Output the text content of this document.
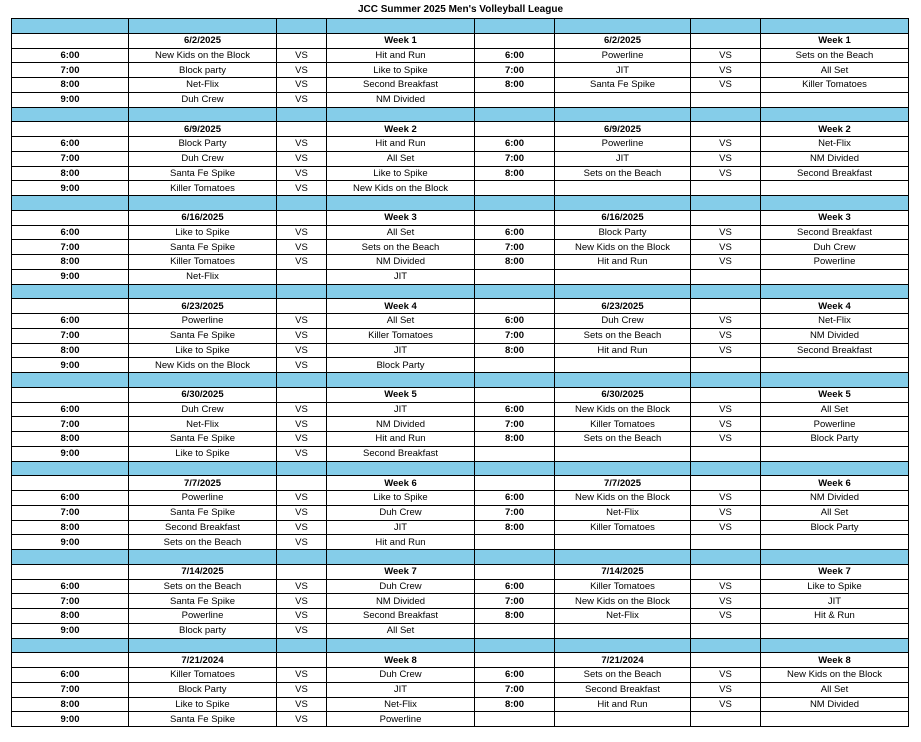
JCC Summer 2025 Men's Volleyball League

	6/2/2025		Week 1		6/2/2025		Week 1
6:00	New Kids on the Block	VS	Hit and Run	6:00	Powerline	VS	Sets on the Beach
7:00	Block party	VS	Like to Spike	7:00	JIT	VS	All Set
8:00	Net-Flix	VS	Second Breakfast	8:00	Santa Fe Spike	VS	Killer Tomatoes
9:00	Duh Crew	VS	NM Divided				

	6/9/2025		Week 2		6/9/2025		Week 2
6:00	Block Party	VS	Hit and Run	6:00	Powerline	VS	Net-Flix
7:00	Duh Crew	VS	All Set	7:00	JIT	VS	NM Divided
8:00	Santa Fe Spike	VS	Like to Spike	8:00	Sets on the Beach	VS	Second Breakfast
9:00	Killer Tomatoes	VS	New Kids on the Block				

	6/16/2025		Week 3		6/16/2025		Week 3
6:00	Like to Spike	VS	All Set	6:00	Block Party	VS	Second Breakfast
7:00	Santa Fe Spike	VS	Sets on the Beach	7:00	New Kids on the Block	VS	Duh Crew
8:00	Killer Tomatoes	VS	NM Divided	8:00	Hit and Run	VS	Powerline
9:00	Net-Flix		JIT				

	6/23/2025		Week 4		6/23/2025		Week 4
6:00	Powerline	VS	All Set	6:00	Duh Crew	VS	Net-Flix
7:00	Santa Fe Spike	VS	Killer Tomatoes	7:00	Sets on the Beach	VS	NM Divided
8:00	Like to Spike	VS	JIT	8:00	Hit and Run	VS	Second Breakfast
9:00	New Kids on the Block	VS	Block Party				

	6/30/2025		Week 5		6/30/2025		Week 5
6:00	Duh Crew	VS	JIT	6:00	New Kids on the Block	VS	All Set
7:00	Net-Flix	VS	NM Divided	7:00	Killer Tomatoes	VS	Powerline
8:00	Santa Fe Spike	VS	Hit and Run	8:00	Sets on the Beach	VS	Block Party
9:00	Like to Spike	VS	Second Breakfast				

	7/7/2025		Week 6		7/7/2025		Week 6
6:00	Powerline	VS	Like to Spike	6:00	New Kids on the Block	VS	NM Divided
7:00	Santa Fe Spike	VS	Duh Crew	7:00	Net-Flix	VS	All Set
8:00	Second Breakfast	VS	JIT	8:00	Killer Tomatoes	VS	Block Party
9:00	Sets on the Beach	VS	Hit and Run				

	7/14/2025		Week 7		7/14/2025		Week 7
6:00	Sets on the Beach	VS	Duh Crew	6:00	Killer Tomatoes	VS	Like to Spike
7:00	Santa Fe Spike	VS	NM Divided	7:00	New Kids on the Block	VS	JIT
8:00	Powerline	VS	Second Breakfast	8:00	Net-Flix	VS	Hit & Run
9:00	Block party	VS	All Set				

	7/21/2024		Week 8		7/21/2024		Week 8
6:00	Killer Tomatoes	VS	Duh Crew	6:00	Sets on the Beach	VS	New Kids on the Block
7:00	Block Party	VS	JIT	7:00	Second Breakfast	VS	All Set
8:00	Like to Spike	VS	Net-Flix	8:00	Hit and Run	VS	NM Divided
9:00	Santa Fe Spike	VS	Powerline				
